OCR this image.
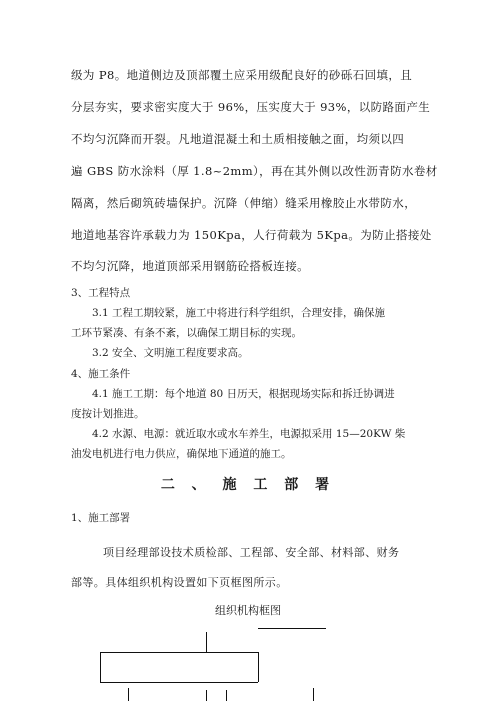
级为 P8。地道侧边及顶部覆土应采用级配良好的砂砾石回填，且
分层夯实，要求密实度大于 96%，压实度大于 93%，以防路面产生
不均匀沉降而开裂。凡地道混凝土和土质相接触之面，均须以四
遍 GBS 防水涂料（厚 1.8~2mm），再在其外侧以改性沥青防水卷材
隔离，然后砌筑砖墙保护。沉降（伸缩）缝采用橡胶止水带防水，
地道地基容许承载力为 150Kpa，人行荷载为 5Kpa。为防止搭接处
不均匀沉降，地道顶部采用钢筋砼搭板连接。
3、工程特点
3.1 工程工期较紧，施工中将进行科学组织，合理安排，确保施
工环节紧凑、有条不紊，以确保工期目标的实现。
3.2 安全、文明施工程度要求高。
4、施工条件
4.1 施工工期：每个地道 80 日历天，根据现场实际和拆迁协调进
度按计划推进。
4.2 水源、电源：就近取水或水车养生，电源拟采用 15—20KW 柴
油发电机进行电力供应，确保地下通道的施工。
二 、 施 工 部 署
1、施工部署
项目经理部设技术质检部、工程部、安全部、材料部、财务
部等。具体组织机构设置如下页框图所示。
组织机构框图
